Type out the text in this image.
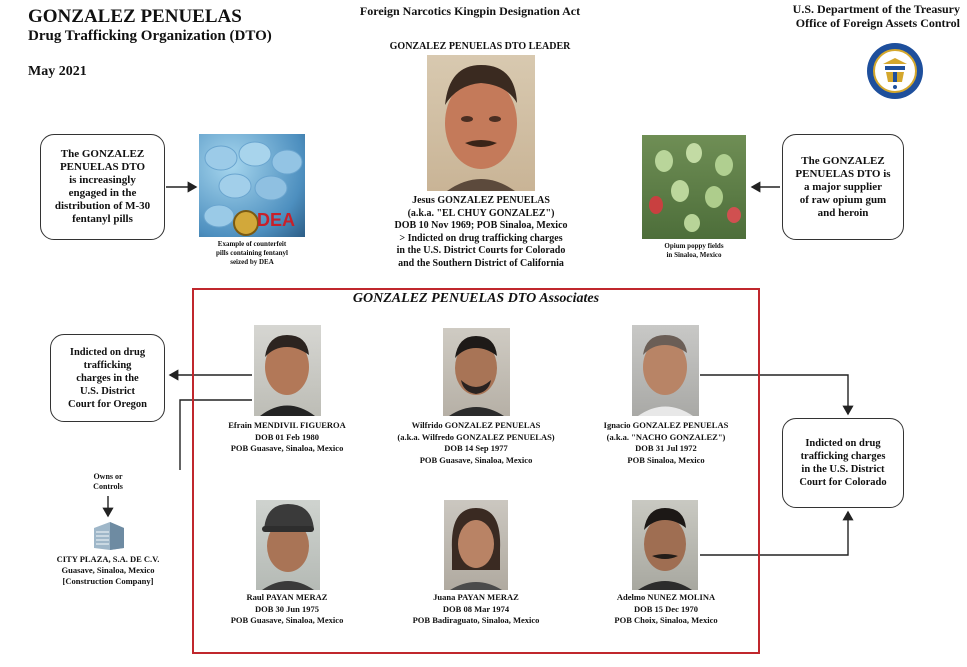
GONZALEZ PENUELAS
Drug Trafficking Organization (DTO)
May 2021
Foreign Narcotics Kingpin Designation Act	U.S. Department of the Treasury
Office of Foreign Assets Control
GONZALEZ PENUELAS DTO LEADER
Jesus GONZALEZ PENUELAS
(a.k.a. "EL CHUY GONZALEZ")
DOB 10 Nov 1969; POB Sinaloa, Mexico
> Indicted on drug trafficking charges
in the U.S. District Courts for Colorado
and the Southern District of California
The GONZALEZ
PENUELAS DTO
is increasingly
engaged in the
distribution of M-30
fentanyl pills	DEA
Example of counterfeit
pills containing fentanyl
seized by DEA
Opium poppy fields
in Sinaloa, Mexico
The GONZALEZ
PENUELAS DTO is
a major supplier
of raw opium gum
and heroin
GONZALEZ PENUELAS DTO Associates
Efrain MENDIVIL FIGUEROA
DOB 01 Feb 1980
POB Guasave, Sinaloa, Mexico
Wilfrido GONZALEZ PENUELAS
(a.k.a. Wilfredo GONZALEZ PENUELAS)
DOB 14 Sep 1977
POB Guasave, Sinaloa, Mexico
Ignacio GONZALEZ PENUELAS
(a.k.a. "NACHO GONZALEZ")
DOB 31 Jul 1972
POB Sinaloa, Mexico
Raul PAYAN MERAZ
DOB 30 Jun 1975
POB Guasave, Sinaloa, Mexico
Juana PAYAN MERAZ
DOB 08 Mar 1974
POB Badiraguato, Sinaloa, Mexico
Adelmo NUNEZ MOLINA
DOB 15 Dec 1970
POB Choix, Sinaloa, Mexico
Indicted on drug
trafficking
charges in the
U.S. District
Court for Oregon
Owns or
Controls
CITY PLAZA, S.A. DE C.V.
Guasave, Sinaloa, Mexico
[Construction Company]
Indicted on drug
trafficking charges
in the U.S. District
Court for Colorado
